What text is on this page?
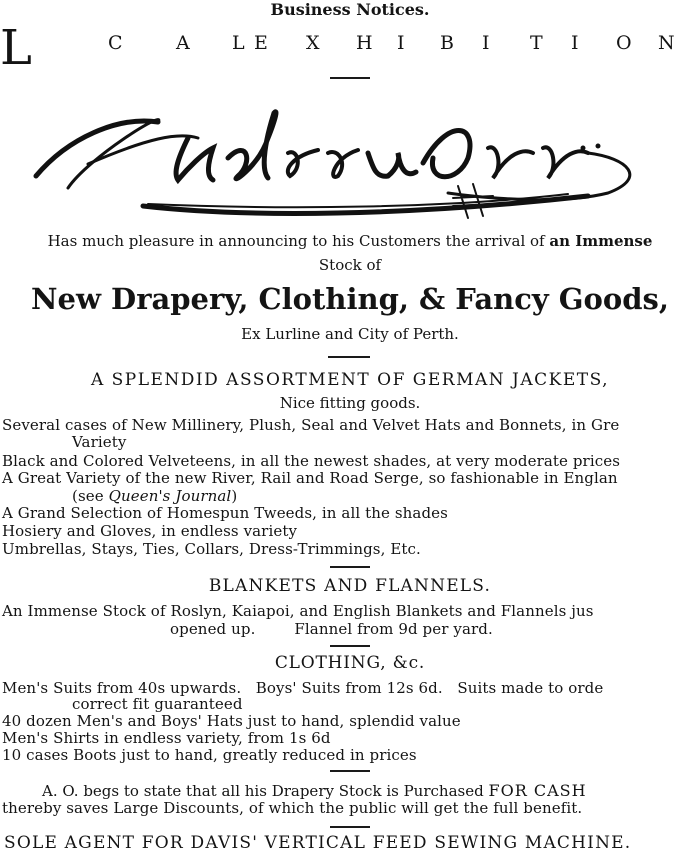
Business Notices.
L	C	A L E X H I B I T I O N
Has much pleasure in announcing to his Customers the arrival of an Immense
Stock of
New Drapery, Clothing, & Fancy Goods,
Ex Lurline and City of Perth.
A SPLENDID ASSORTMENT OF GERMAN JACKETS,
Nice fitting goods.
Several cases of New Millinery, Plush, Seal and Velvet Hats and Bonnets, in Gre
Variety
Black and Colored Velveteens, in all the newest shades, at very moderate prices
A Great Variety of the new River, Rail and Road Serge, so fashionable in Englan
(see Queen's Journal)
A Grand Selection of Homespun Tweeds, in all the shades
Hosiery and Gloves, in endless variety
Umbrellas, Stays, Ties, Collars, Dress-Trimmings, Etc.
BLANKETS AND FLANNELS.
An Immense Stock of Roslyn, Kaiapoi, and English Blankets and Flannels jus
opened up.        Flannel from 9d per yard.
CLOTHING, &c.
Men's Suits from 40s upwards.   Boys' Suits from 12s 6d.   Suits made to orde
correct fit guaranteed
40 dozen Men's and Boys' Hats just to hand, splendid value
Men's Shirts in endless variety, from 1s 6d
10 cases Boots just to hand, greatly reduced in prices
A. O. begs to state that all his Drapery Stock is Purchased FOR CASH
thereby saves Large Discounts, of which the public will get the full benefit.
SOLE AGENT FOR DAVIS' VERTICAL FEED SEWING MACHINE.
